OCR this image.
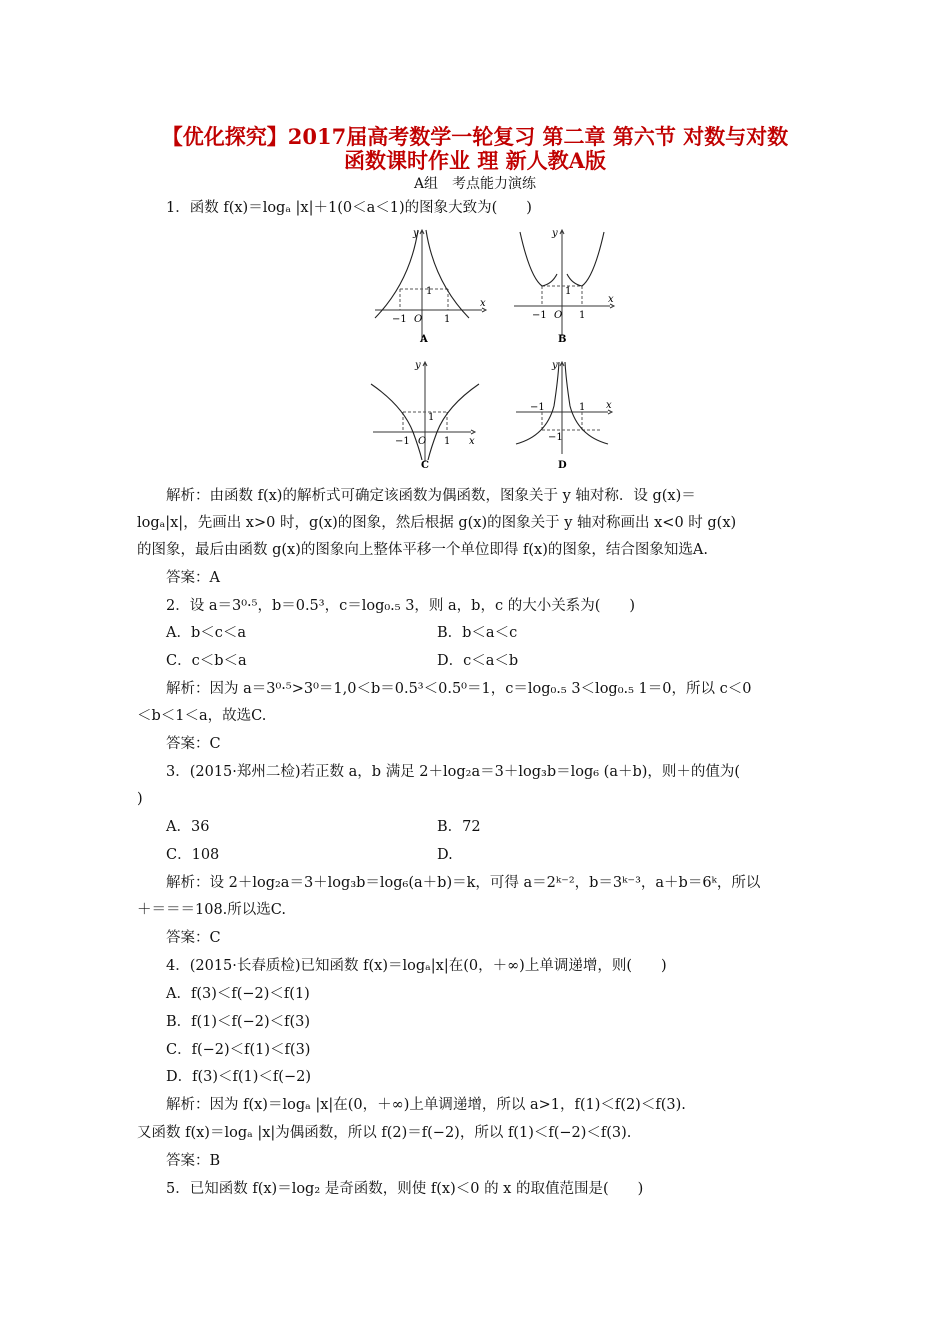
【优化探究】2017届高考数学一轮复习 第二章 第六节 对数与对数
函数课时作业 理 新人教A版
A组　考点能力演练
1．函数 f(x)＝logₐ |x|＋1(0＜a＜1)的图象大致为(　　)
y
x
−1 O 1
1
A
y
x
−1 O 1
1
B
y
x
−1 O 1
1
C
y
x
−1	1
−1
D
解析：由函数 f(x)的解析式可确定该函数为偶函数，图象关于 y 轴对称．设 g(x)＝
logₐ|x|，先画出 x>0 时，g(x)的图象，然后根据 g(x)的图象关于 y 轴对称画出 x<0 时 g(x)
的图象，最后由函数 g(x)的图象向上整体平移一个单位即得 f(x)的图象，结合图象知选A.
答案：A
2．设 a＝3⁰·⁵，b＝0.5³，c＝log₀.₅ 3，则 a，b，c 的大小关系为(　　)
A．b＜c＜a	B．b＜a＜c
C．c＜b＜a	D．c＜a＜b
解析：因为 a＝3⁰·⁵>3⁰＝1,0＜b＝0.5³＜0.5⁰＝1，c＝log₀.₅ 3＜log₀.₅ 1＝0，所以 c＜0
＜b＜1＜a，故选C.
答案：C
3．(2015·郑州二检)若正数 a，b 满足 2＋log₂a＝3＋log₃b＝log₆ (a＋b)，则＋的值为(
)
A．36	B．72
C．108	D.
解析：设 2＋log₂a＝3＋log₃b＝log₆(a＋b)＝k，可得 a＝2ᵏ⁻²，b＝3ᵏ⁻³，a＋b＝6ᵏ，所以
＋＝＝＝108.所以选C.
答案：C
4．(2015·长春质检)已知函数 f(x)＝logₐ|x|在(0，＋∞)上单调递增，则(　　)
A．f(3)＜f(−2)＜f(1)
B．f(1)＜f(−2)＜f(3)
C．f(−2)＜f(1)＜f(3)
D．f(3)＜f(1)＜f(−2)
解析：因为 f(x)＝logₐ |x|在(0，＋∞)上单调递增，所以 a>1，f(1)＜f(2)＜f(3).
又函数 f(x)＝logₐ |x|为偶函数，所以 f(2)＝f(−2)，所以 f(1)＜f(−2)＜f(3).
答案：B
5．已知函数 f(x)＝log₂ 是奇函数，则使 f(x)＜0 的 x 的取值范围是(　　)
